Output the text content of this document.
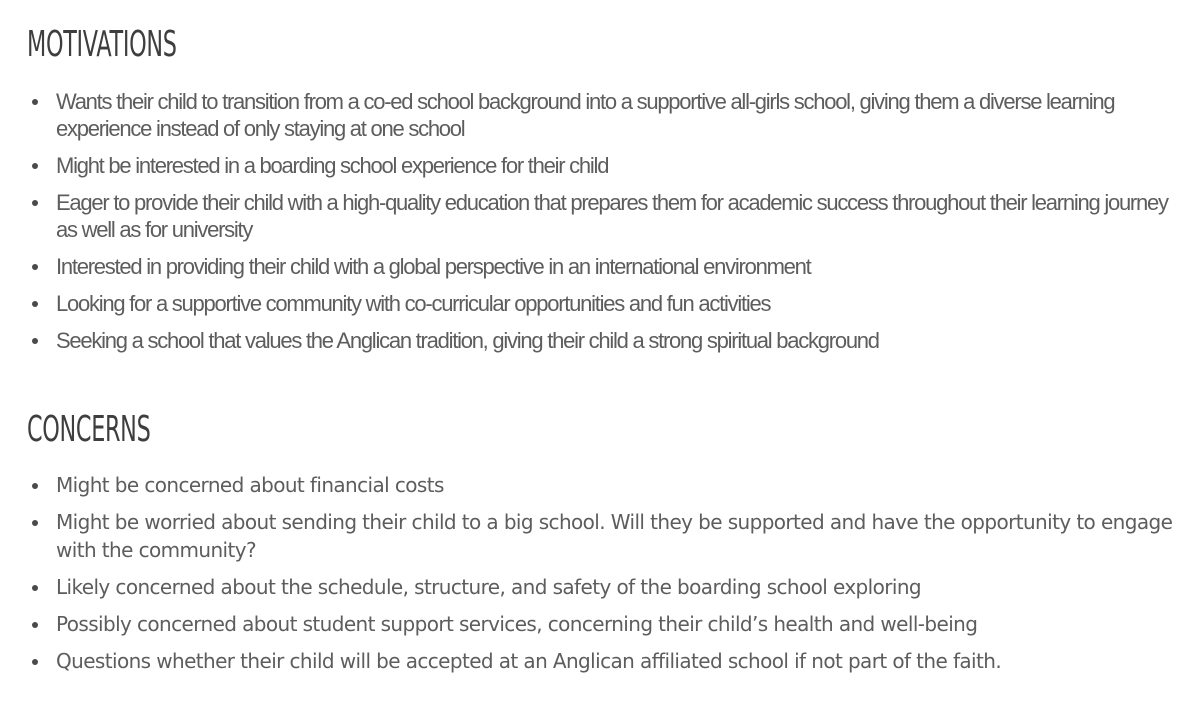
MOTIVATIONS
Wants their child to transition from a co-ed school background into a supportive all-girls school, giving them a diverse learning experience instead of only staying at one school
Might be interested in a boarding school experience for their child
Eager to provide their child with a high-quality education that prepares them for academic success throughout their learning journey as well as for university
Interested in providing their child with a global perspective in an international environment
Looking for a supportive community with co-curricular opportunities and fun activities
Seeking a school that values the Anglican tradition, giving their child a strong spiritual background
CONCERNS
Might be concerned about financial costs
Might be worried about sending their child to a big school. Will they be supported and have the opportunity to engage with the community?
Likely concerned about the schedule, structure, and safety of the boarding school exploring
Possibly concerned about student support services, concerning their child’s health and well-being
Questions whether their child will be accepted at an Anglican affiliated school if not part of the faith.
